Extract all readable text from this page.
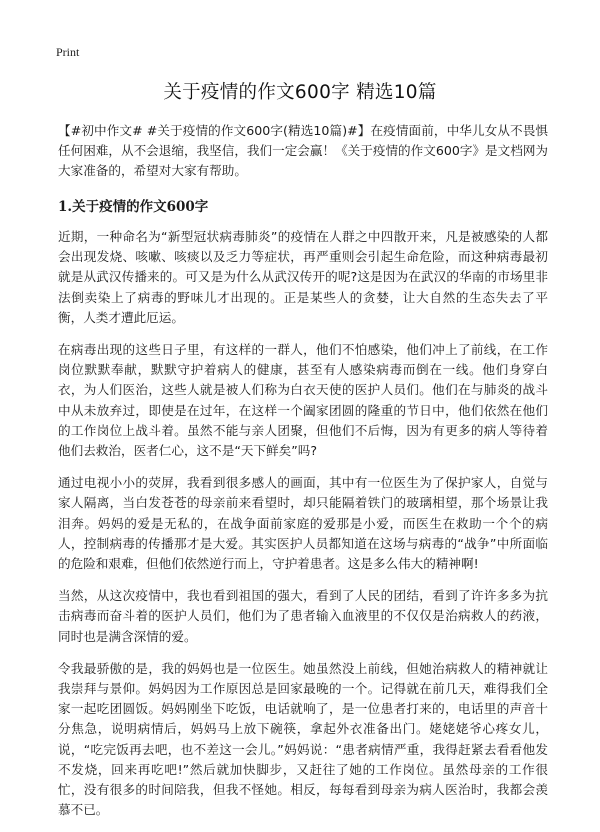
Print
关于疫情的作文600字 精选10篇

【#初中作文# #关于疫情的作文600字(精选10篇)#】在疫情面前，中华儿女从不畏惧任何困难，从不会退缩，我坚信，我们一定会赢！《关于疫情的作文600字》是文档网为大家准备的，希望对大家有帮助。

1.关于疫情的作文600字

近期，一种命名为“新型冠状病毒肺炎”的疫情在人群之中四散开来，凡是被感染的人都会出现发烧、咳嗽、咳痰以及乏力等症状，再严重则会引起生命危险，而这种病毒最初就是从武汉传播来的。可又是为什么从武汉传开的呢?这是因为在武汉的华南的市场里非法倒卖染上了病毒的野味儿才出现的。正是某些人的贪婪，让大自然的生态失去了平衡，人类才遭此厄运。

在病毒出现的这些日子里，有这样的一群人，他们不怕感染，他们冲上了前线，在工作岗位默默奉献，默默守护着病人的健康，甚至有人感染病毒而倒在一线。他们身穿白衣，为人们医治，这些人就是被人们称为白衣天使的医护人员们。他们在与肺炎的战斗中从未放弃过，即使是在过年，在这样一个阖家团圆的隆重的节日中，他们依然在他们的工作岗位上战斗着。虽然不能与亲人团聚，但他们不后悔，因为有更多的病人等待着他们去救治，医者仁心，这不是“天下鲜矣”吗?

通过电视小小的荧屏，我看到很多感人的画面，其中有一位医生为了保护家人，自觉与家人隔离，当白发苍苍的母亲前来看望时，却只能隔着铁门的玻璃相望，那个场景让我泪奔。妈妈的爱是无私的，在战争面前家庭的爱那是小爱，而医生在救助一个个的病人，控制病毒的传播那才是大爱。其实医护人员都知道在这场与病毒的“战争”中所面临的危险和艰难，但他们依然逆行而上，守护着患者。这是多么伟大的精神啊!

当然，从这次疫情中，我也看到祖国的强大，看到了人民的团结，看到了许许多多为抗击病毒而奋斗着的医护人员们，他们为了患者输入血液里的不仅仅是治病救人的药液，同时也是满含深情的爱。

令我最骄傲的是，我的妈妈也是一位医生。她虽然没上前线，但她治病救人的精神就让我崇拜与景仰。妈妈因为工作原因总是回家最晚的一个。记得就在前几天，难得我们全家一起吃团圆饭。妈妈刚坐下吃饭，电话就响了，是一位患者打来的，电话里的声音十分焦急，说明病情后，妈妈马上放下碗筷，拿起外衣准备出门。姥姥姥爷心疼女儿，说，“吃完饭再去吧，也不差这一会儿。”妈妈说：“患者病情严重，我得赶紧去看看他发不发烧，回来再吃吧!”然后就加快脚步，又赶往了她的工作岗位。虽然母亲的工作很忙，没有很多的时间陪我，但我不怪她。相反，每每看到母亲为病人医治时，我都会羡慕不已。
